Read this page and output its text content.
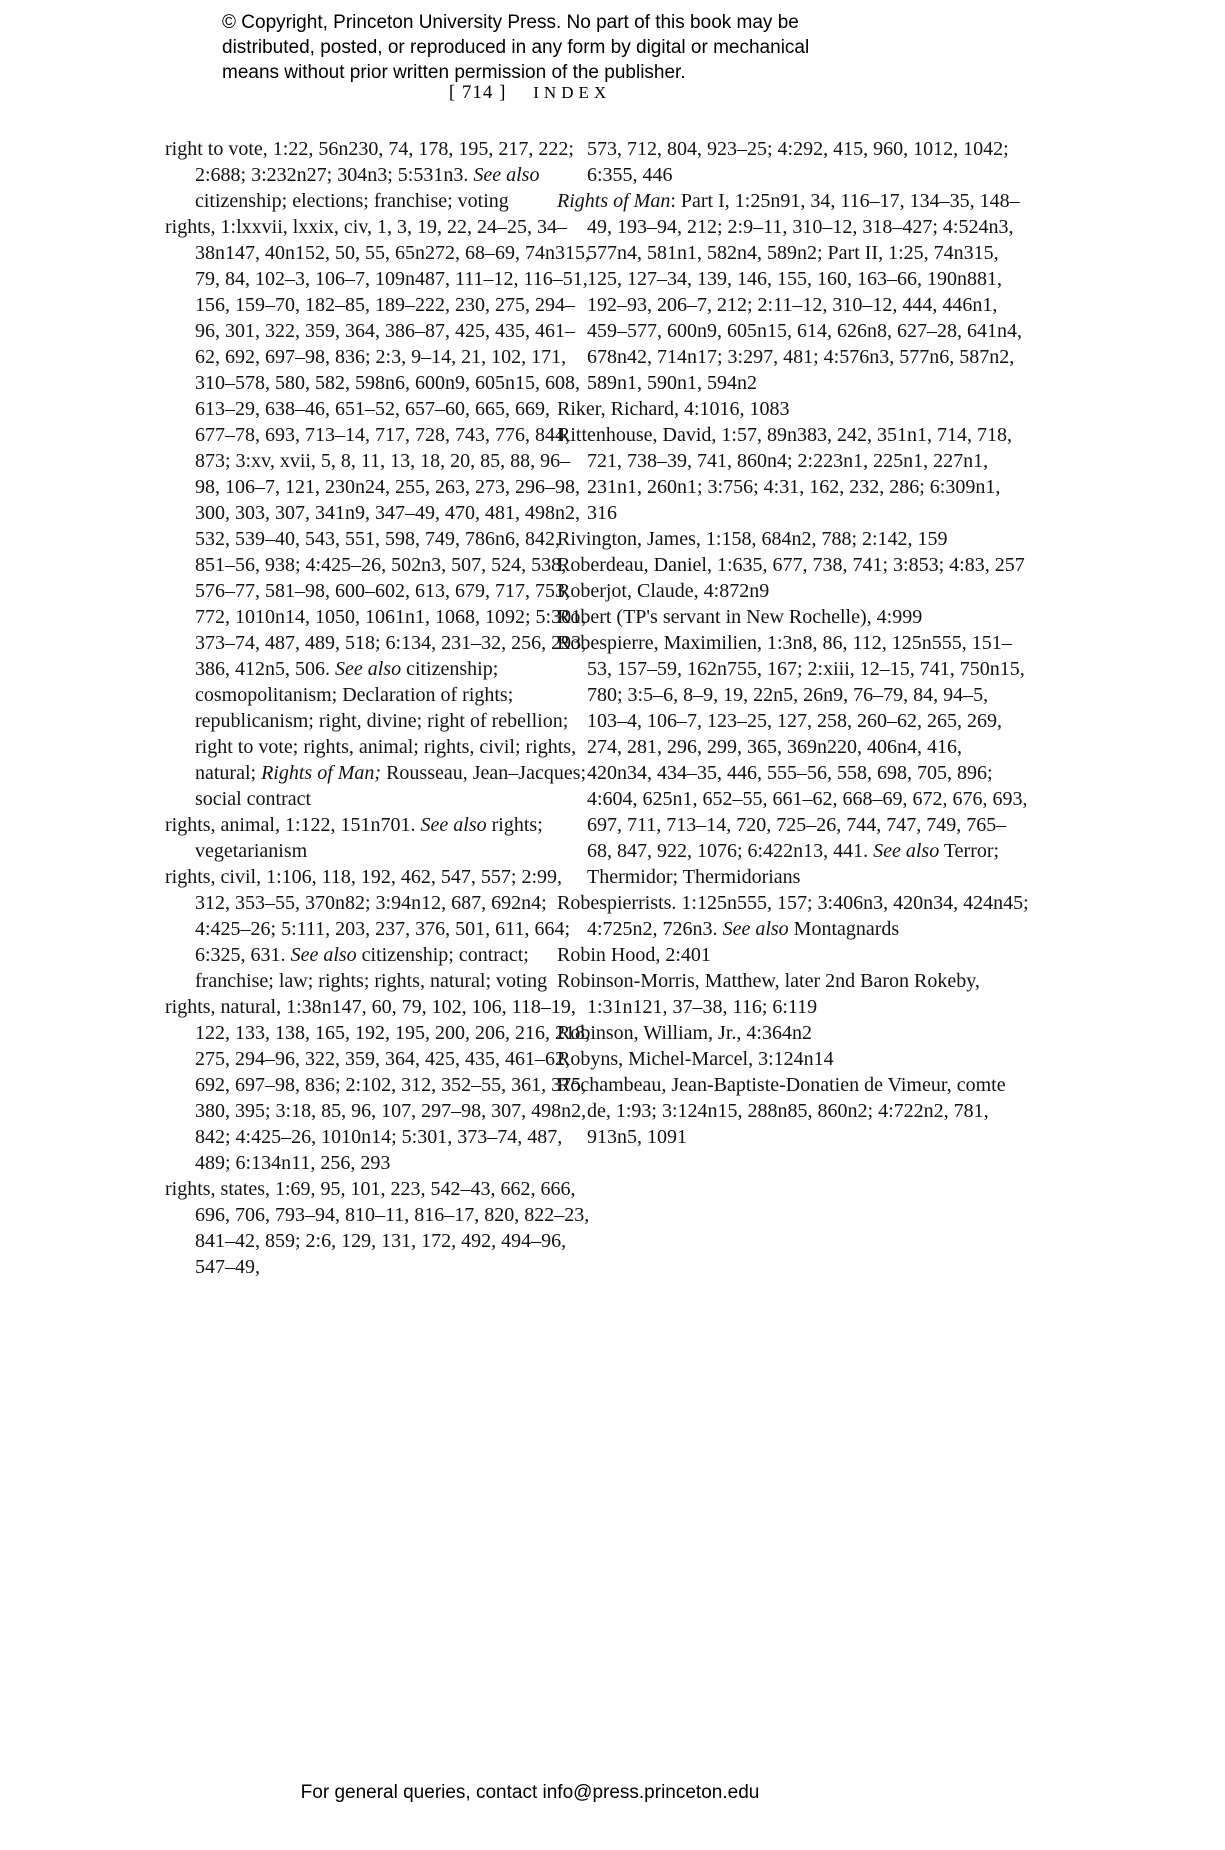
© Copyright, Princeton University Press. No part of this book may be
distributed, posted, or reproduced in any form by digital or mechanical
means without prior written permission of the publisher.
[ 714 ] INDEX

right to vote, 1:22, 56n230, 74, 178, 195, 217, 222; 2:688; 3:232n27; 304n3; 5:531n3. See also citizenship; elections; franchise; voting

rights, 1:lxxvii, lxxix, civ, 1, 3, 19, 22, 24–25, 34–38n147, 40n152, 50, 55, 65n272, 68–69, 74n315, 79, 84, 102–3, 106–7, 109n487, 111–12, 116–51, 156, 159–70, 182–85, 189–222, 230, 275, 294–96, 301, 322, 359, 364, 386–87, 425, 435, 461–62, 692, 697–98, 836; 2:3, 9–14, 21, 102, 171, 310–578, 580, 582, 598n6, 600n9, 605n15, 608, 613–29, 638–46, 651–52, 657–60, 665, 669, 677–78, 693, 713–14, 717, 728, 743, 776, 844, 873; 3:xv, xvii, 5, 8, 11, 13, 18, 20, 85, 88, 96–98, 106–7, 121, 230n24, 255, 263, 273, 296–98, 300, 303, 307, 341n9, 347–49, 470, 481, 498n2, 532, 539–40, 543, 551, 598, 749, 786n6, 842, 851–56, 938; 4:425–26, 502n3, 507, 524, 538, 576–77, 581–98, 600–602, 613, 679, 717, 753, 772, 1010n14, 1050, 1061n1, 1068, 1092; 5:301, 373–74, 487, 489, 518; 6:134, 231–32, 256, 293, 386, 412n5, 506. See also citizenship; cosmopolitanism; Declaration of rights; republicanism; right, divine; right of rebellion; right to vote; rights, animal; rights, civil; rights, natural; Rights of Man; Rousseau, Jean–Jacques; social contract

rights, animal, 1:122, 151n701. See also rights; vegetarianism

rights, civil, 1:106, 118, 192, 462, 547, 557; 2:99, 312, 353–55, 370n82; 3:94n12, 687, 692n4; 4:425–26; 5:111, 203, 237, 376, 501, 611, 664; 6:325, 631. See also citizenship; contract; franchise; law; rights; rights, natural; voting

rights, natural, 1:38n147, 60, 79, 102, 106, 118–19, 122, 133, 138, 165, 192, 195, 200, 206, 216, 218, 275, 294–96, 322, 359, 364, 425, 435, 461–62, 692, 697–98, 836; 2:102, 312, 352–55, 361, 375, 380, 395; 3:18, 85, 96, 107, 297–98, 307, 498n2, 842; 4:425–26, 1010n14; 5:301, 373–74, 487, 489; 6:134n11, 256, 293

rights, states, 1:69, 95, 101, 223, 542–43, 662, 666, 696, 706, 793–94, 810–11, 816–17, 820, 822–23, 841–42, 859; 2:6, 129, 131, 172, 492, 494–96, 547–49,

573, 712, 804, 923–25; 4:292, 415, 960, 1012, 1042; 6:355, 446

Rights of Man: Part I, 1:25n91, 34, 116–17, 134–35, 148–49, 193–94, 212; 2:9–11, 310–12, 318–427; 4:524n3, 577n4, 581n1, 582n4, 589n2; Part II, 1:25, 74n315, 125, 127–34, 139, 146, 155, 160, 163–66, 190n881, 192–93, 206–7, 212; 2:11–12, 310–12, 444, 446n1, 459–577, 600n9, 605n15, 614, 626n8, 627–28, 641n4, 678n42, 714n17; 3:297, 481; 4:576n3, 577n6, 587n2, 589n1, 590n1, 594n2

Riker, Richard, 4:1016, 1083

Rittenhouse, David, 1:57, 89n383, 242, 351n1, 714, 718, 721, 738–39, 741, 860n4; 2:223n1, 225n1, 227n1, 231n1, 260n1; 3:756; 4:31, 162, 232, 286; 6:309n1, 316

Rivington, James, 1:158, 684n2, 788; 2:142, 159

Roberdeau, Daniel, 1:635, 677, 738, 741; 3:853; 4:83, 257

Roberjot, Claude, 4:872n9

Robert (TP's servant in New Rochelle), 4:999

Robespierre, Maximilien, 1:3n8, 86, 112, 125n555, 151–53, 157–59, 162n755, 167; 2:xiii, 12–15, 741, 750n15, 780; 3:5–6, 8–9, 19, 22n5, 26n9, 76–79, 84, 94–5, 103–4, 106–7, 123–25, 127, 258, 260–62, 265, 269, 274, 281, 296, 299, 365, 369n220, 406n4, 416, 420n34, 434–35, 446, 555–56, 558, 698, 705, 896; 4:604, 625n1, 652–55, 661–62, 668–69, 672, 676, 693, 697, 711, 713–14, 720, 725–26, 744, 747, 749, 765–68, 847, 922, 1076; 6:422n13, 441. See also Terror; Thermidor; Thermidorians

Robespierrists. 1:125n555, 157; 3:406n3, 420n34, 424n45; 4:725n2, 726n3. See also Montagnards

Robin Hood, 2:401

Robinson-Morris, Matthew, later 2nd Baron Rokeby, 1:31n121, 37–38, 116; 6:119

Robinson, William, Jr., 4:364n2

Robyns, Michel-Marcel, 3:124n14

Rochambeau, Jean-Baptiste-Donatien de Vimeur, comte de, 1:93; 3:124n15, 288n85, 860n2; 4:722n2, 781, 913n5, 1091

For general queries, contact info@press.princeton.edu
